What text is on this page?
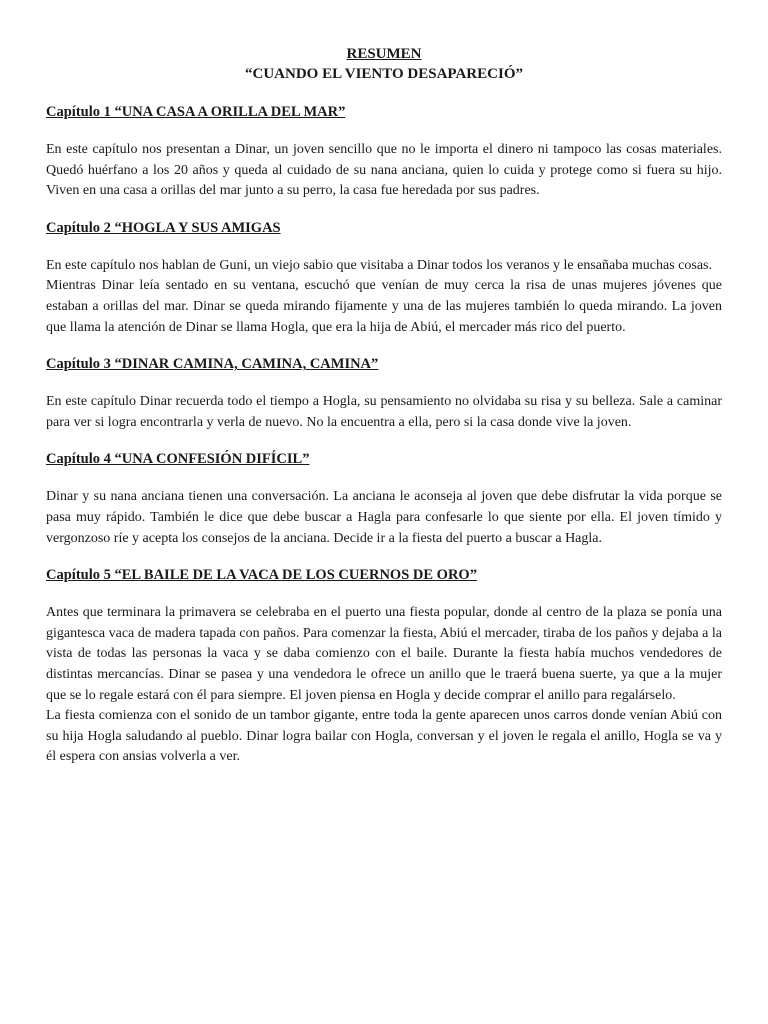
RESUMEN
“CUANDO EL VIENTO DESAPARECIÓ”
Capítulo 1 “UNA CASA A ORILLA DEL MAR”

En este capítulo nos presentan a Dinar, un joven sencillo que no le importa el dinero ni tampoco las cosas materiales. Quedó huérfano a los 20 años y queda al cuidado de su nana anciana, quien lo cuida y protege como si fuera su hijo. Viven en una casa a orillas del mar junto a su perro, la casa fue heredada por sus padres.

Capítulo 2 “HOGLA Y SUS AMIGAS

En este capítulo nos hablan de Guni, un viejo sabio que visitaba a Dinar todos los veranos y le ensañaba muchas cosas.

Mientras Dinar leía sentado en su ventana, escuchó que venían de muy cerca la risa de unas mujeres jóvenes que estaban a orillas del mar. Dinar se queda mirando fijamente y una de las mujeres también lo queda mirando. La joven que llama la atención de Dinar se llama Hogla, que era la hija de Abiú, el mercader más rico del puerto.

Capítulo 3 “DINAR CAMINA, CAMINA, CAMINA”

En este capítulo Dinar recuerda todo el tiempo a Hogla, su pensamiento no olvidaba su risa y su belleza. Sale a caminar para ver si logra encontrarla y verla de nuevo. No la encuentra a ella, pero si la casa donde vive la joven.

Capítulo 4 “UNA CONFESIÓN DIFÍCIL”

Dinar y su nana anciana tienen una conversación. La anciana le aconseja al joven que debe disfrutar la vida porque se pasa muy rápido. También le dice que debe buscar a Hagla para confesarle lo que siente por ella. El joven tímido y vergonzoso ríe y acepta los consejos de la anciana. Decide ir a la fiesta del puerto a buscar a Hagla.

Capítulo 5 “EL BAILE DE LA VACA DE LOS CUERNOS DE ORO”

Antes que terminara la primavera se celebraba en el puerto una fiesta popular, donde al centro de la plaza se ponía una gigantesca vaca de madera tapada con paños. Para comenzar la fiesta, Abiú el mercader, tiraba de los paños y dejaba a la vista de todas las personas la vaca y se daba comienzo con el baile. Durante la fiesta había muchos vendedores de distintas mercancías. Dinar se pasea y una vendedora le ofrece un anillo que le traerá buena suerte, ya que a la mujer que se lo regale estará con él para siempre. El joven piensa en Hogla y decide comprar el anillo para regalárselo.

La fiesta comienza con el sonido de un tambor gigante, entre toda la gente aparecen unos carros donde venían Abiú con su hija Hogla saludando al pueblo. Dinar logra bailar con Hogla, conversan y el joven le regala el anillo, Hogla se va y él espera con ansias volverla a ver.
